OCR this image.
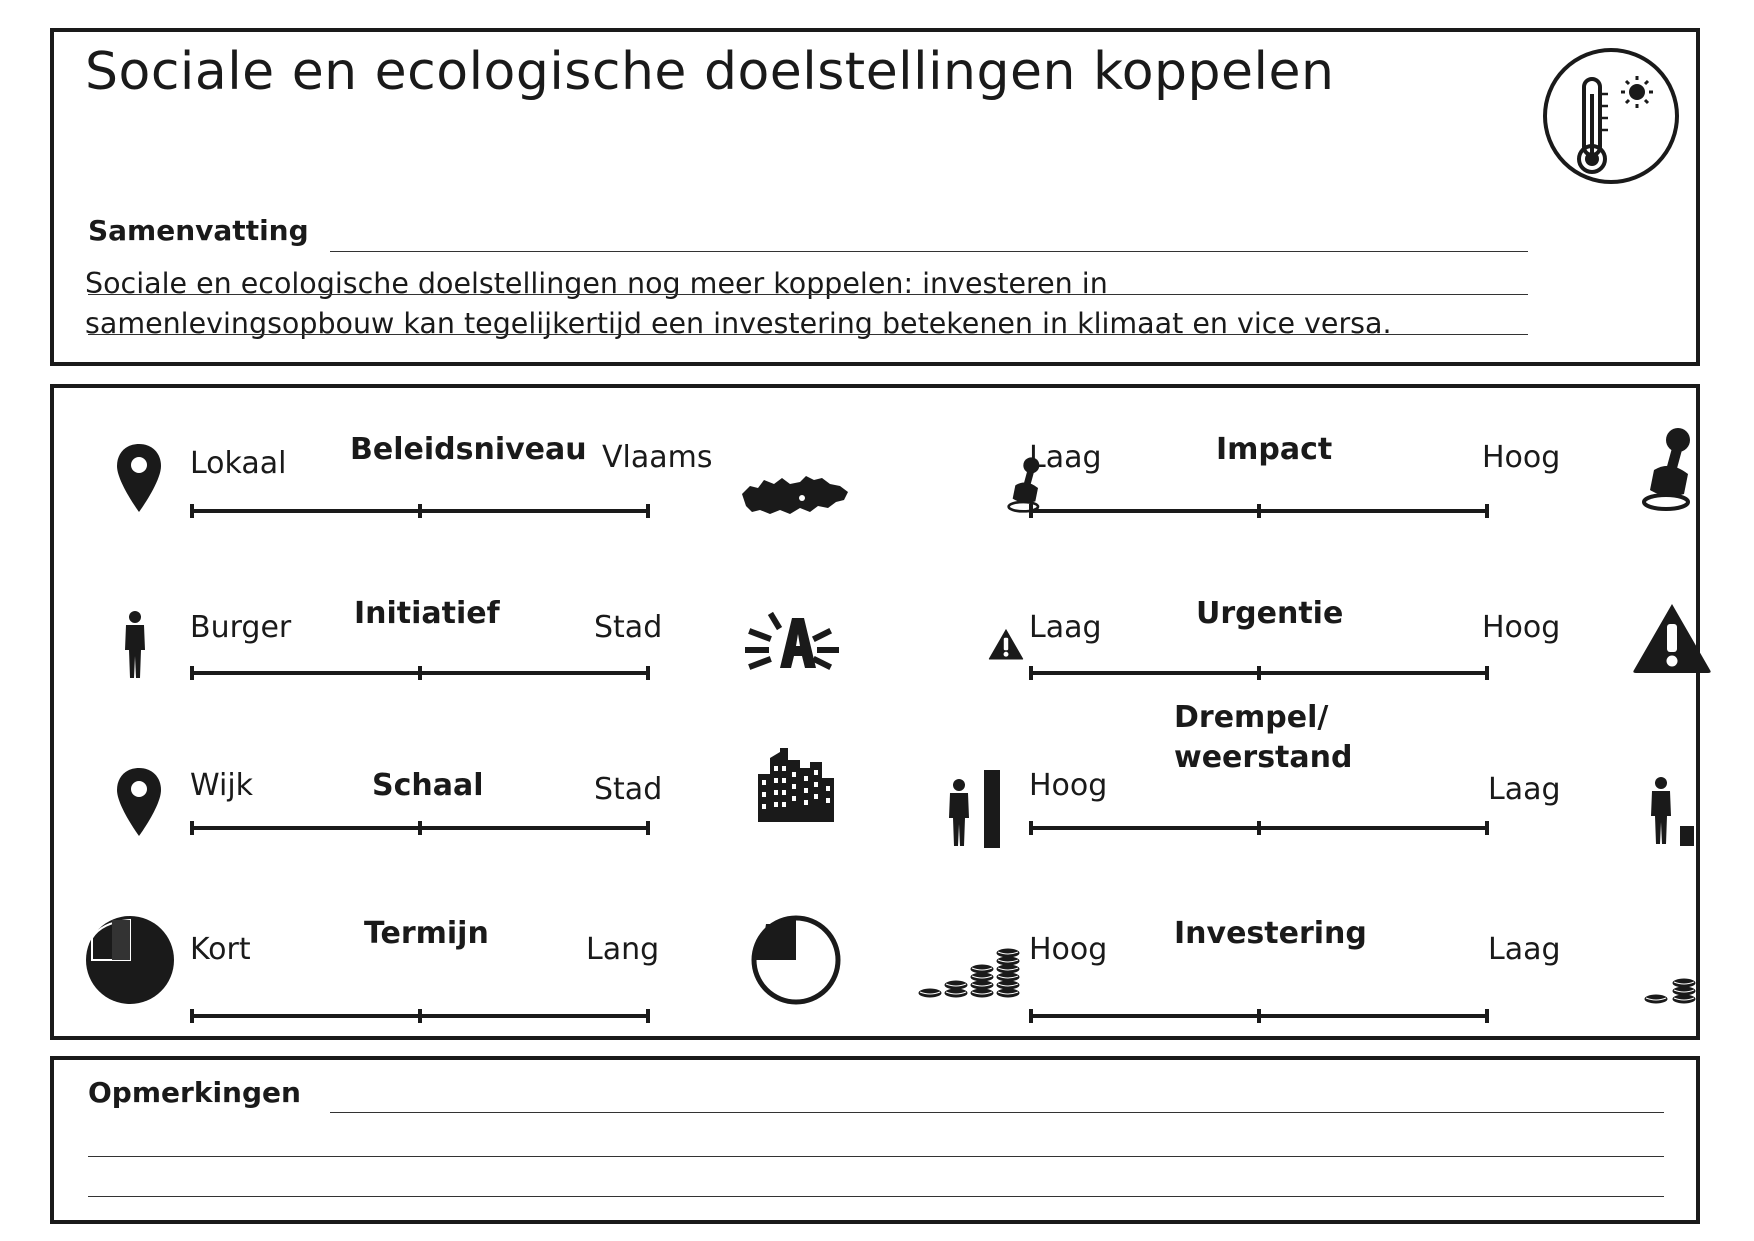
Sociale en ecologische doelstellingen koppelen
Samenvatting

Sociale en ecologische doelstellingen nog meer koppelen: investeren in
samenlevingsopbouw kan tegelijkertijd een investering betekenen in klimaat en vice versa.

Lokaal Beleidsniveau Vlaams
Burger Initiatief	Stad
Wijk	Schaal	Stad
Kort	Termijn	Lang
Laag	Impact	Hoog
Laag	Urgentie	Hoog
Hoog
Drempel/
weerstand
Laag
Hoog Investering	Laag
Opmerkingen
